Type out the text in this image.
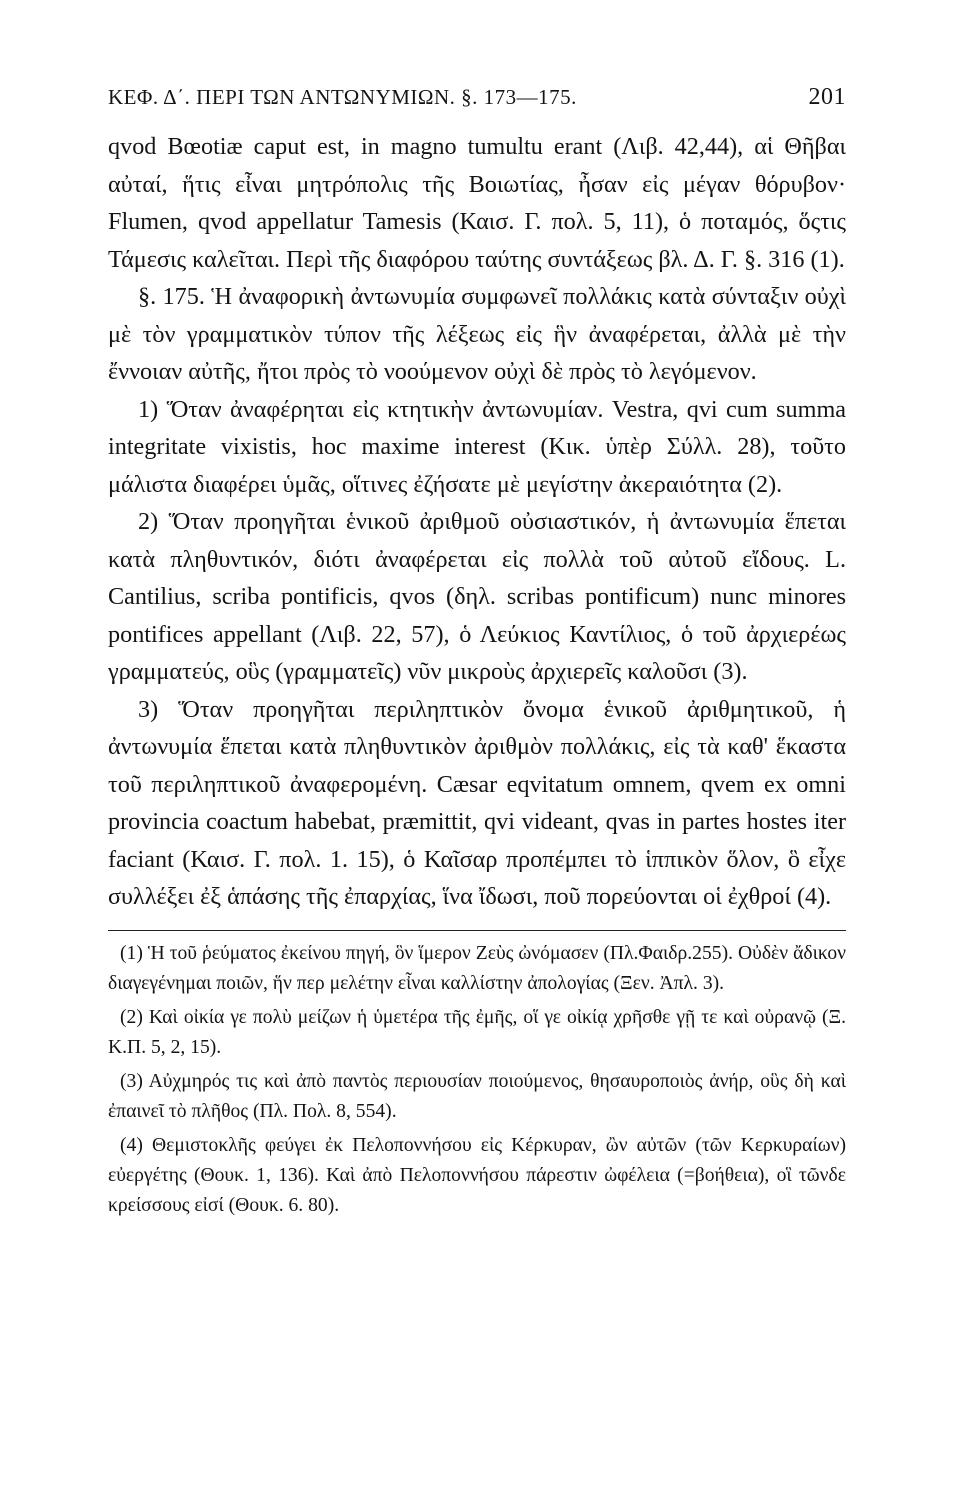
ΚΕΦ. Δ΄. ΠΕΡΙ ΤΩΝ ΑΝΤΩΝΥΜΙΩΝ. §. 173—175.	201

qvod Bœotiæ caput est, in magno tumultu erant (Λιβ. 42,44), αἱ Θῆβαι αὐταί, ἥτις εἶναι μητρόπολις τῆς Βοιωτίας, ἦσαν εἰς μέγαν θόρυβον· Flumen, qvod appellatur Tamesis (Καισ. Γ. πολ. 5, 11), ὁ ποταμός, ὅςτις Τάμεσις καλεῖται. Περὶ τῆς διαφόρου ταύτης συντάξεως βλ. Δ. Γ. §. 316 (1).

§. 175. Ἡ ἀναφορικὴ ἀντωνυμία συμφωνεῖ πολλάκις κατὰ σύνταξιν οὐχὶ μὲ τὸν γραμματικὸν τύπον τῆς λέξεως εἰς ἣν ἀναφέρεται, ἀλλὰ μὲ τὴν ἔννοιαν αὐτῆς, ἤτοι πρὸς τὸ νοούμενον οὐχὶ δὲ πρὸς τὸ λεγόμενον.

1) Ὅταν ἀναφέρηται εἰς κτητικὴν ἀντωνυμίαν. Vestra, qvi cum summa integritate vixistis, hoc maxime interest (Κικ. ὑπὲρ Σύλλ. 28), τοῦτο μάλιστα διαφέρει ὑμᾶς, οἵτινες ἐζήσατε μὲ μεγίστην ἀκεραιότητα (2).

2) Ὅταν προηγῆται ἑνικοῦ ἀριθμοῦ οὐσιαστικόν, ἡ ἀντωνυμία ἕπεται κατὰ πληθυντικόν, διότι ἀναφέρεται εἰς πολλὰ τοῦ αὐτοῦ εἴδους. L. Cantilius, scriba pontificis, qvos (δηλ. scribas pontificum) nunc minores pontifices appellant (Λιβ. 22, 57), ὁ Λεύκιος Καντίλιος, ὁ τοῦ ἀρχιερέως γραμματεύς, οὓς (γραμματεῖς) νῦν μικροὺς ἀρχιερεῖς καλοῦσι (3).

3) Ὅταν προηγῆται περιληπτικὸν ὄνομα ἑνικοῦ ἀριθμητικοῦ, ἡ ἀντωνυμία ἕπεται κατὰ πληθυντικὸν ἀριθμὸν πολλάκις, εἰς τὰ καθ' ἕκαστα τοῦ περιληπτικοῦ ἀναφερομένη. Cæsar eqvitatum omnem, qvem ex omni provincia coactum habebat, præmittit, qvi videant, qvas in partes hostes iter faciant (Καισ. Γ. πολ. 1. 15), ὁ Καῖσαρ προπέμπει τὸ ἱππικὸν ὅλον, ὃ εἶχε συλλέξει ἐξ ἁπάσης τῆς ἐπαρχίας, ἵνα ἴδωσι, ποῦ πορεύονται οἱ ἐχθροί (4).

(1) Ἡ τοῦ ῥεύματος ἐκείνου πηγή, ὃν ἵμερον Ζεὺς ὠνόμασεν (Πλ.Φαιδρ.255). Οὐδὲν ἄδικον διαγεγένημαι ποιῶν, ἥν περ μελέτην εἶναι καλλίστην ἀπολογίας (Ξεν. Ἀπλ. 3).

(2) Καὶ οἰκία γε πολὺ μείζων ἡ ὑμετέρα τῆς ἐμῆς, οἵ γε οἰκίᾳ χρῆσθε γῇ τε καὶ οὐρανῷ (Ξ. Κ.Π. 5, 2, 15).

(3) Αὐχμηρός τις καὶ ἀπὸ παντὸς περιουσίαν ποιούμενος, θησαυροποιὸς ἀνήρ, οὓς δὴ καὶ ἐπαινεῖ τὸ πλῆθος (Πλ. Πολ. 8, 554).

(4) Θεμιστοκλῆς φεύγει ἐκ Πελοποννήσου εἰς Κέρκυραν, ὢν αὐτῶν (τῶν Κερκυραίων) εὐεργέτης (Θουκ. 1, 136). Καὶ ἀπὸ Πελοποννήσου πάρεστιν ὠφέλεια (=βοήθεια), οἳ τῶνδε κρείσσους εἰσί (Θουκ. 6. 80).
